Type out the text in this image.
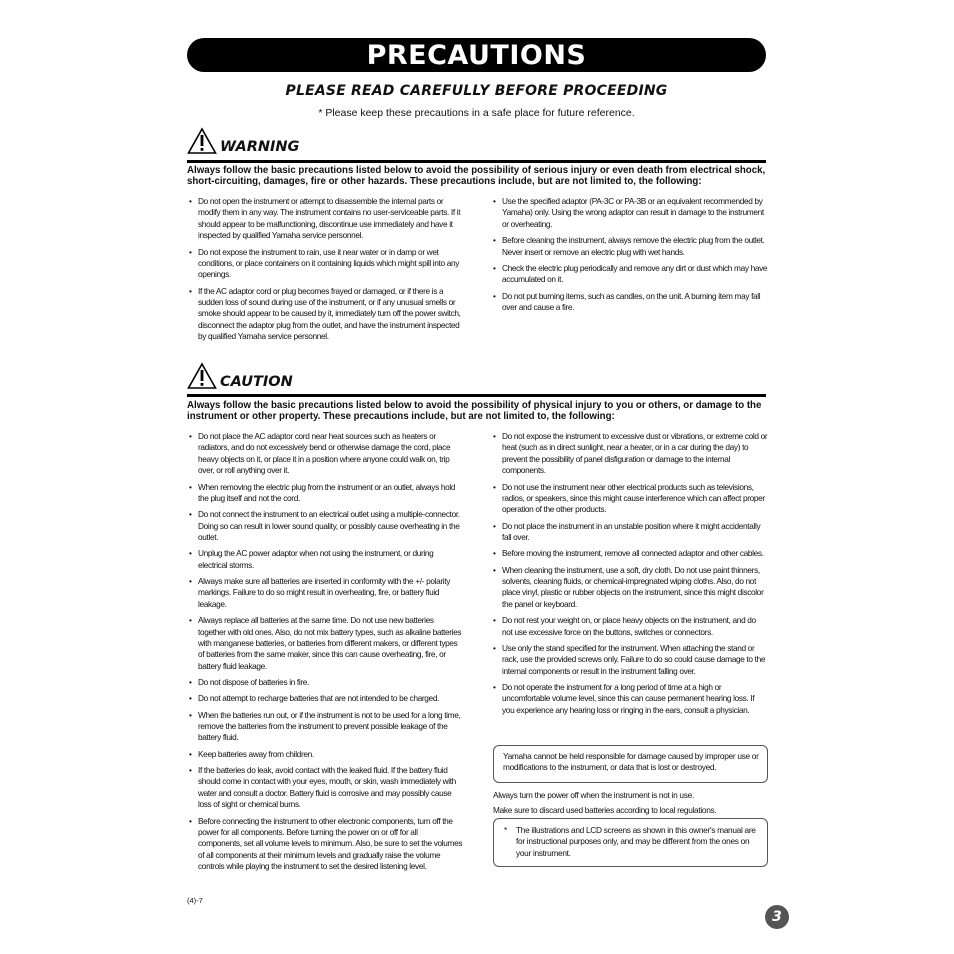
PRECAUTIONS
PLEASE READ CAREFULLY BEFORE PROCEEDING
* Please keep these precautions in a safe place for future reference.
WARNING
Always follow the basic precautions listed below to avoid the possibility of serious injury or even death from electrical shock, short-circuiting, damages, fire or other hazards. These precautions include, but are not limited to, the following:
• Do not open the instrument or attempt to disassemble the internal parts or modify them in any way. The instrument contains no user-serviceable parts. If it should appear to be malfunctioning, discontinue use immediately and have it inspected by qualified Yamaha service personnel.
• Do not expose the instrument to rain, use it near water or in damp or wet conditions, or place containers on it containing liquids which might spill into any openings.
• If the AC adaptor cord or plug becomes frayed or damaged, or if there is a sudden loss of sound during use of the instrument, or if any unusual smells or smoke should appear to be caused by it, immediately turn off the power switch, disconnect the adaptor plug from the outlet, and have the instrument inspected by qualified Yamaha service personnel.
• Use the specified adaptor (PA-3C or PA-3B or an equivalent recommended by Yamaha) only. Using the wrong adaptor can result in damage to the instrument or overheating.
• Before cleaning the instrument, always remove the electric plug from the outlet. Never insert or remove an electric plug with wet hands.
• Check the electric plug periodically and remove any dirt or dust which may have accumulated on it.
• Do not put burning items, such as candles, on the unit. A burning item may fall over and cause a fire.
CAUTION
Always follow the basic precautions listed below to avoid the possibility of physical injury to you or others, or damage to the instrument or other property. These precautions include, but are not limited to, the following:
• Do not place the AC adaptor cord near heat sources such as heaters or radiators, and do not excessively bend or otherwise damage the cord, place heavy objects on it, or place it in a position where anyone could walk on, trip over, or roll anything over it.
• When removing the electric plug from the instrument or an outlet, always hold the plug itself and not the cord.
• Do not connect the instrument to an electrical outlet using a multiple-connector. Doing so can result in lower sound quality, or possibly cause overheating in the outlet.
• Unplug the AC power adaptor when not using the instrument, or during electrical storms.
• Always make sure all batteries are inserted in conformity with the +/- polarity markings. Failure to do so might result in overheating, fire, or battery fluid leakage.
• Always replace all batteries at the same time. Do not use new batteries together with old ones. Also, do not mix battery types, such as alkaline batteries with manganese batteries, or batteries from different makers, or different types of batteries from the same maker, since this can cause overheating, fire, or battery fluid leakage.
• Do not dispose of batteries in fire.
• Do not attempt to recharge batteries that are not intended to be charged.
• When the batteries run out, or if the instrument is not to be used for a long time, remove the batteries from the instrument to prevent possible leakage of the battery fluid.
• Keep batteries away from children.
• If the batteries do leak, avoid contact with the leaked fluid. If the battery fluid should come in contact with your eyes, mouth, or skin, wash immediately with water and consult a doctor. Battery fluid is corrosive and may possibly cause loss of sight or chemical burns.
• Before connecting the instrument to other electronic components, turn off the power for all components. Before turning the power on or off for all components, set all volume levels to minimum. Also, be sure to set the volumes of all components at their minimum levels and gradually raise the volume controls while playing the instrument to set the desired listening level.
• Do not expose the instrument to excessive dust or vibrations, or extreme cold or heat (such as in direct sunlight, near a heater, or in a car during the day) to prevent the possibility of panel disfiguration or damage to the internal components.
• Do not use the instrument near other electrical products such as televisions, radios, or speakers, since this might cause interference which can affect proper operation of the other products.
• Do not place the instrument in an unstable position where it might accidentally fall over.
• Before moving the instrument, remove all connected adaptor and other cables.
• When cleaning the instrument, use a soft, dry cloth. Do not use paint thinners, solvents, cleaning fluids, or chemical-impregnated wiping cloths. Also, do not place vinyl, plastic or rubber objects on the instrument, since this might discolor the panel or keyboard.
• Do not rest your weight on, or place heavy objects on the instrument, and do not use excessive force on the buttons, switches or connectors.
• Use only the stand specified for the instrument. When attaching the stand or rack, use the provided screws only. Failure to do so could cause damage to the internal components or result in the instrument falling over.
• Do not operate the instrument for a long period of time at a high or uncomfortable volume level, since this can cause permanent hearing loss. If you experience any hearing loss or ringing in the ears, consult a physician.
Yamaha cannot be held responsible for damage caused by improper use or modifications to the instrument, or data that is lost or destroyed.
Always turn the power off when the instrument is not in use.
Make sure to discard used batteries according to local regulations.
* The illustrations and LCD screens as shown in this owner's manual are for instructional purposes only, and may be different from the ones on your instrument.
(4)-7
3
